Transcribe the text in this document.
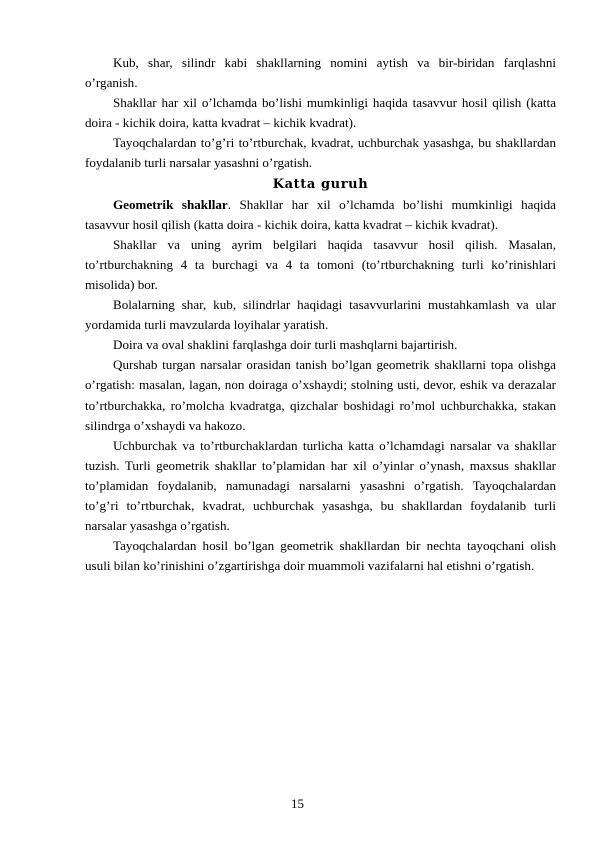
Kub, shar, silindr kabi shakllarning nomini aytish va bir-biridan farqlashni o’rganish.

Shakllar har xil o’lchamda bo’lishi mumkinligi haqida tasavvur hosil qilish (katta doira - kichik doira, katta kvadrat – kichik kvadrat).

Tayoqchalardan to’g’ri to’rtburchak, kvadrat, uchburchak yasashga, bu shakllardan foydalanib turli narsalar yasashni o’rgatish.

Katta guruh

Geometrik shakllar. Shakllar har xil o’lchamda bo’lishi mumkinligi haqida tasavvur hosil qilish (katta doira - kichik doira, katta kvadrat – kichik kvadrat).

Shakllar va uning ayrim belgilari haqida tasavvur hosil qilish. Masalan, to’rtburchakning 4 ta burchagi va 4 ta tomoni (to’rtburchakning turli ko’rinishlari misolida) bor.

Bolalarning shar, kub, silindrlar haqidagi tasavvurlarini mustahkamlash va ular yordamida turli mavzularda loyihalar yaratish.

Doira va oval shaklini farqlashga doir turli mashqlarni bajartirish.

Qurshab turgan narsalar orasidan tanish bo’lgan geometrik shakllarni topa olishga o’rgatish: masalan, lagan, non doiraga o’xshaydi; stolning usti, devor, eshik va derazalar to’rtburchakka, ro’molcha kvadratga, qizchalar boshidagi ro’mol uchburchakka, stakan silindrga o’xshaydi va hakozo.

Uchburchak va to’rtburchaklardan turlicha katta o’lchamdagi narsalar va shakllar tuzish. Turli geometrik shakllar to’plamidan har xil o’yinlar o’ynash, maxsus shakllar to’plamidan foydalanib, namunadagi narsalarni yasashni o’rgatish. Tayoqchalardan to’g’ri to’rtburchak, kvadrat, uchburchak yasashga, bu shakllardan foydalanib turli narsalar yasashga o’rgatish.

Tayoqchalardan hosil bo’lgan geometrik shakllardan bir nechta tayoqchani olish usuli bilan ko’rinishini o’zgartirishga doir muammoli vazifalarni hal etishni o’rgatish.

15
